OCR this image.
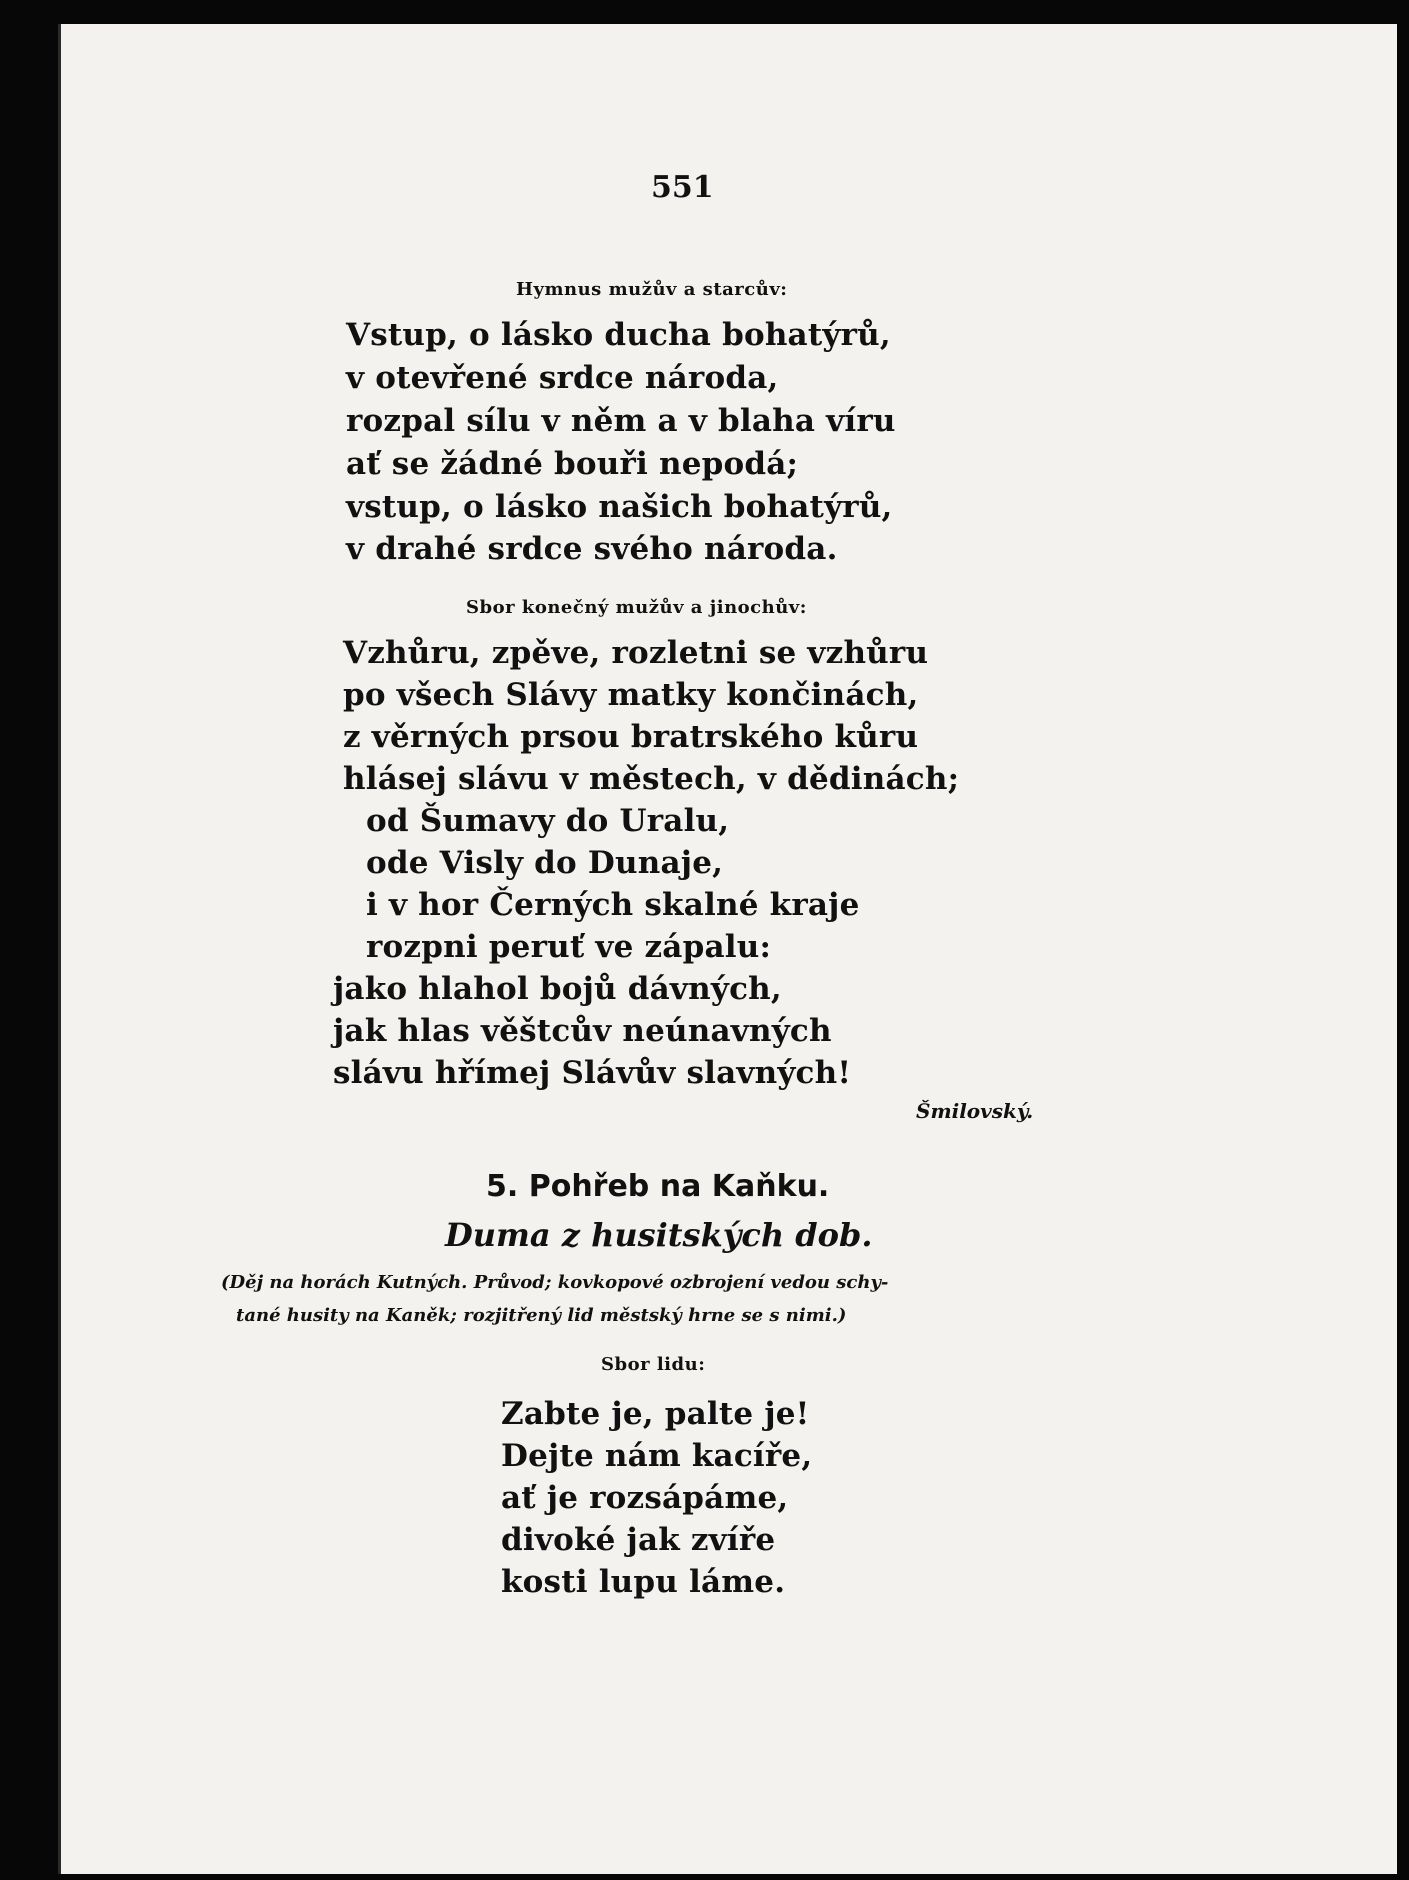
551
Hymnus mužův a starcův:
Vstup, o lásko ducha bohatýrů,
v otevřené srdce národa,
rozpal sílu v něm a v blaha víru
ať se žádné bouři nepodá;
vstup, o lásko našich bohatýrů,
v drahé srdce svého národa.
Sbor konečný mužův a jinochův:
Vzhůru, zpěve, rozletni se vzhůru
po všech Slávy matky končinách,
z věrných prsou bratrského kůru
hlásej slávu v městech, v dědinách;
od Šumavy do Uralu,
ode Visly do Dunaje,
i v hor Černých skalné kraje
rozpni peruť ve zápalu:
jako hlahol bojů dávných,
jak hlas věštcův neúnavných
slávu hřímej Slávův slavných!
Šmilovský.
5. Pohřeb na Kaňku.
Duma z husitských dob.
(Děj na horách Kutných. Průvod; kovkopové ozbrojení vedou schy-
tané husity na Kaněk; rozjitřený lid městský hrne se s nimi.)
Sbor lidu:
Zabte je, palte je!
Dejte nám kacíře,
ať je rozsápáme,
divoké jak zvíře
kosti lupu láme.
